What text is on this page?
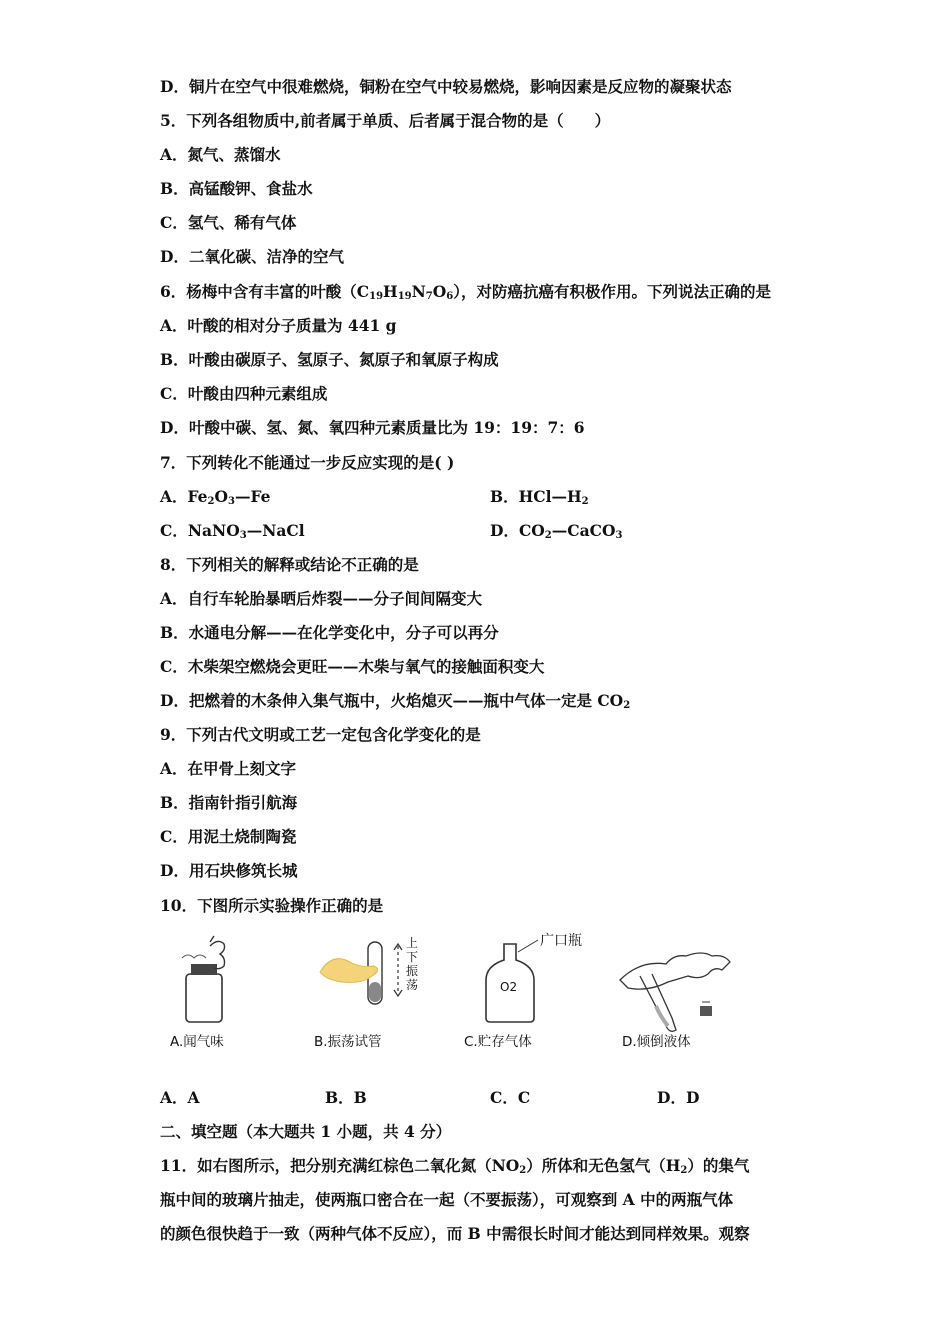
D．铜片在空气中很难燃烧，铜粉在空气中较易燃烧，影响因素是反应物的凝聚状态
5．下列各组物质中,前者属于单质、后者属于混合物的是（　　）
A．氮气、蒸馏水
B．高锰酸钾、食盐水
C．氢气、稀有气体
D．二氧化碳、洁净的空气
6．杨梅中含有丰富的叶酸$(C_{19}H_{19}N_7O_6)$，对防癌抗癌有积极作用。下列说法正确的是
A．叶酸的相对分子质量为 441 g
B．叶酸由碳原子、氢原子、氮原子和氧原子构成
C．叶酸由四种元素组成
D．叶酸中碳、氢、氮、氧四种元素质量比为 19：19：7：6
7．下列转化不能通过一步反应实现的是( )
A．$Fe_2O_3—Fe$	B．$HCl—H_2$
C．NaNO$_3$—NaCl	D．$CO_2—CaCO_3$
8．下列相关的解释或结论不正确的是
A．自行车轮胎暴晒后炸裂——分子间间隔变大
B．水通电分解——在化学变化中，分子可以再分
C．木柴架空燃烧会更旺——木柴与氧气的接触面积变大
D．把燃着的木条伸入集气瓶中，火焰熄灭——瓶中气体一定是 $CO_2$
9．下列古代文明或工艺一定包含化学变化的是
A．在甲骨上刻文字
B．指南针指引航海
C．用泥土烧制陶瓷
D．用石块修筑长城
10．下图所示实验操作正确的是
A.闻气味
上下振荡
B.振荡试管
O2
广口瓶
C.贮存气体	D.倾倒液体
A．A	B．B	C．C	D．D
二、填空题（本大题共 1 小题，共 4 分）
11．如右图所示，把分别充满红棕色二氧化氮$(NO_2)$所体和无色氢气$(H_2)$的集气
瓶中间的玻璃片抽走，使两瓶口密合在一起（不要振荡），可观察到 A 中的两瓶气体
的颜色很快趋于一致（两种气体不反应），而 B 中需很长时间才能达到同样效果。观察
